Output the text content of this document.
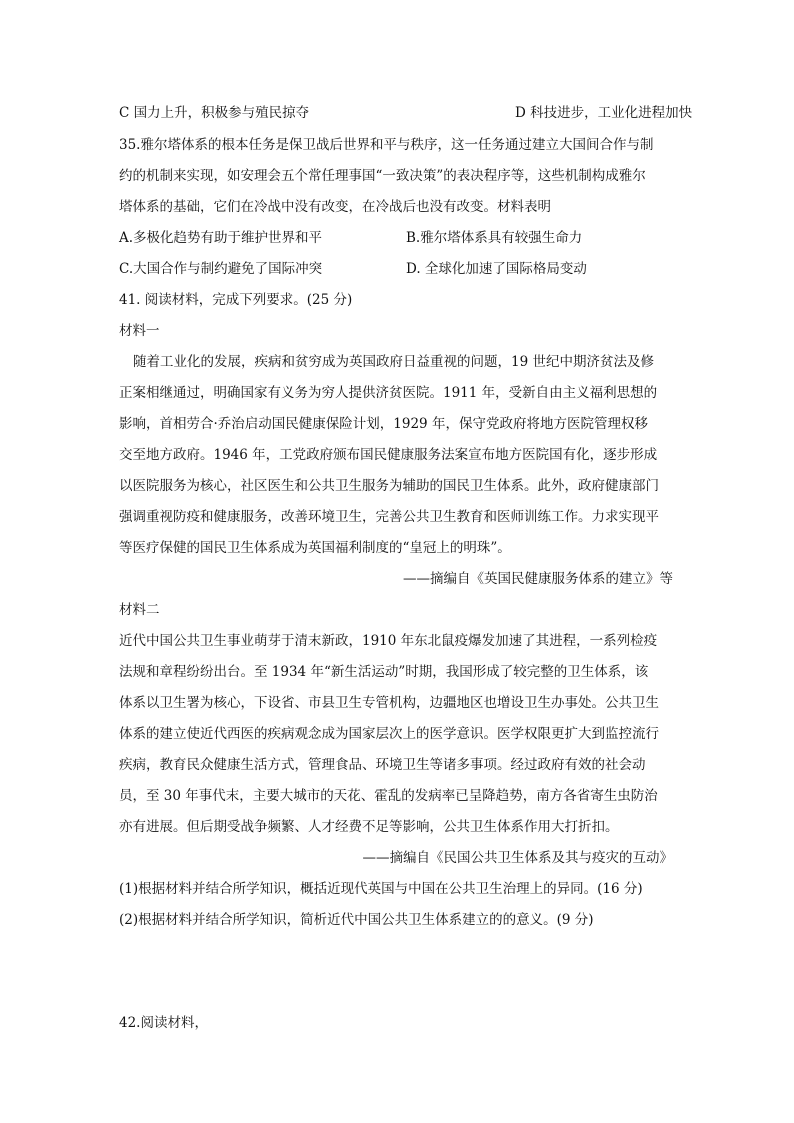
C 国力上升，积极参与殖民掠夺	D 科技进步，工业化进程加快
35.雅尔塔体系的根本任务是保卫战后世界和平与秩序，这一任务通过建立大国间合作与制
约的机制来实现，如安理会五个常任理事国“一致决策”的表决程序等，这些机制构成雅尔
塔体系的基础，它们在冷战中没有改变，在冷战后也没有改变。材料表明
A.多极化趋势有助于维护世界和平	B.雅尔塔体系具有较强生命力
C.大国合作与制约避免了国际冲突	D. 全球化加速了国际格局变动
41. 阅读材料，完成下列要求。(25 分)
材料一
随着工业化的发展，疾病和贫穷成为英国政府日益重视的问题，19 世纪中期济贫法及修
正案相继通过，明确国家有义务为穷人提供济贫医院。1911 年，受新自由主义福利思想的
影响，首相劳合·乔治启动国民健康保险计划，1929 年，保守党政府将地方医院管理权移
交至地方政府。1946 年，工党政府颁布国民健康服务法案宣布地方医院国有化，逐步形成
以医院服务为核心，社区医生和公共卫生服务为辅助的国民卫生体系。此外，政府健康部门
强调重视防疫和健康服务，改善环境卫生，完善公共卫生教育和医师训练工作。力求实现平
等医疗保健的国民卫生体系成为英国福利制度的“皇冠上的明珠”。
——摘编自《英国民健康服务体系的建立》等
材料二
近代中国公共卫生事业萌芽于清末新政，1910 年东北鼠疫爆发加速了其进程，一系列检疫
法规和章程纷纷出台。至 1934 年“新生活运动”时期，我国形成了较完整的卫生体系，该
体系以卫生署为核心，下设省、市县卫生专管机构，边疆地区也增设卫生办事处。公共卫生
体系的建立使近代西医的疾病观念成为国家层次上的医学意识。医学权限更扩大到监控流行
疾病，教育民众健康生活方式，管理食品、环境卫生等诸多事项。经过政府有效的社会动
员，至 30 年事代末，主要大城市的天花、霍乱的发病率已呈降趋势，南方各省寄生虫防治
亦有进展。但后期受战争频繁、人才经费不足等影响，公共卫生体系作用大打折扣。
——摘编自《民国公共卫生体系及其与疫灾的互动》
(1)根据材料并结合所学知识，概括近现代英国与中国在公共卫生治理上的异同。(16 分)
(2)根据材料并结合所学知识，简析近代中国公共卫生体系建立的的意义。(9 分)
42.阅读材料，
